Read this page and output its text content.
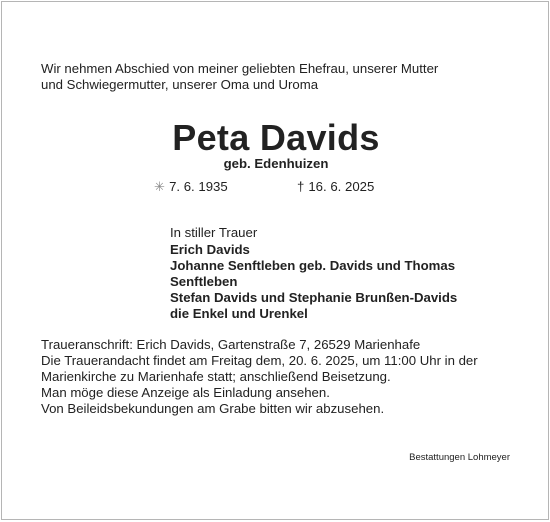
Wir nehmen Abschied von meiner geliebten Ehefrau, unserer Mutter
und Schwiegermutter, unserer Oma und Uroma
Peta Davids
geb. Edenhuizen
✳ 7. 6. 1935	† 16. 6. 2025
In stiller Trauer
Erich Davids
Johanne Senftleben geb. Davids und Thomas
Senftleben
Stefan Davids und Stephanie Brunßen-Davids
die Enkel und Urenkel
Traueranschrift: Erich Davids, Gartenstraße 7, 26529 Marienhafe
Die Trauerandacht findet am Freitag dem, 20. 6. 2025, um 11:00 Uhr in der
Marienkirche zu Marienhafe statt; anschließend Beisetzung.
Man möge diese Anzeige als Einladung ansehen.
Von Beileidsbekundungen am Grabe bitten wir abzusehen.
Bestattungen Lohmeyer
